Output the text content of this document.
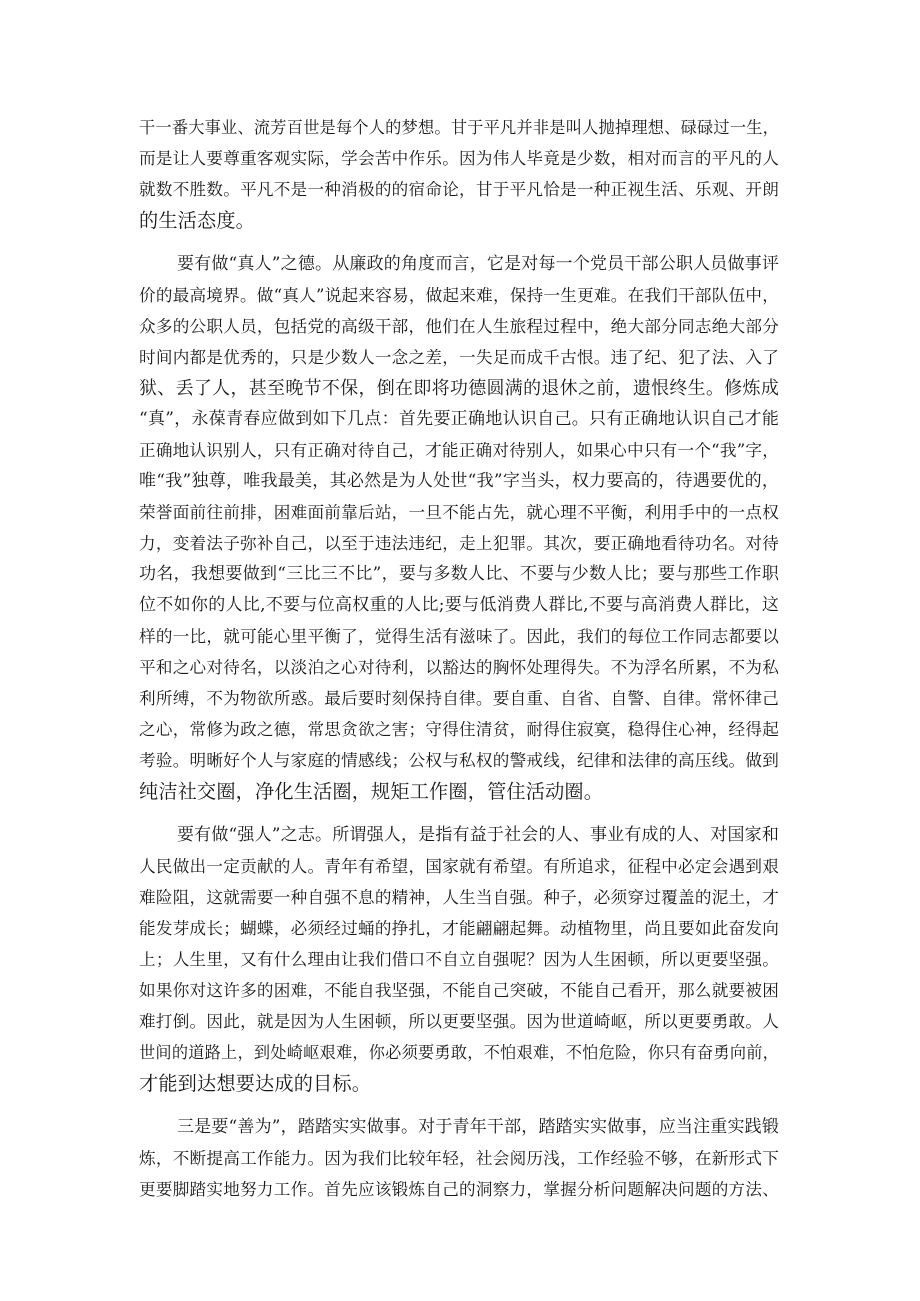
干一番大事业、流芳百世是每个人的梦想。甘于平凡并非是叫人抛掉理想、碌碌过一生，
而是让人要尊重客观实际，学会苦中作乐。因为伟人毕竟是少数，相对而言的平凡的人
就数不胜数。平凡不是一种消极的的宿命论，甘于平凡恰是一种正视生活、乐观、开朗
的生活态度。
要有做“真人”之德。从廉政的角度而言，它是对每一个党员干部公职人员做事评
价的最高境界。做“真人”说起来容易，做起来难，保持一生更难。在我们干部队伍中，
众多的公职人员，包括党的高级干部，他们在人生旅程过程中，绝大部分同志绝大部分
时间内都是优秀的，只是少数人一念之差，一失足而成千古恨。违了纪、犯了法、入了
狱、丢了人，甚至晚节不保，倒在即将功德圆满的退休之前，遗恨终生。修炼成
“真”，永葆青春应做到如下几点：首先要正确地认识自己。只有正确地认识自己才能
正确地认识别人，只有正确对待自己，才能正确对待别人，如果心中只有一个“我”字，
唯“我”独尊，唯我最美，其必然是为人处世“我”字当头，权力要高的，待遇要优的，
荣誉面前往前排，困难面前靠后站，一旦不能占先，就心理不平衡，利用手中的一点权
力，变着法子弥补自己，以至于违法违纪，走上犯罪。其次，要正确地看待功名。对待
功名，我想要做到“三比三不比”，要与多数人比、不要与少数人比；要与那些工作职
位不如你的人比,不要与位高权重的人比;要与低消费人群比,不要与高消费人群比，这
样的一比，就可能心里平衡了，觉得生活有滋味了。因此，我们的每位工作同志都要以
平和之心对待名，以淡泊之心对待利，以豁达的胸怀处理得失。不为浮名所累，不为私
利所缚，不为物欲所惑。最后要时刻保持自律。要自重、自省、自警、自律。常怀律己
之心，常修为政之德，常思贪欲之害；守得住清贫，耐得住寂寞，稳得住心神，经得起
考验。明晰好个人与家庭的情感线；公权与私权的警戒线，纪律和法律的高压线。做到
纯洁社交圈，净化生活圈，规矩工作圈，管住活动圈。
要有做“强人”之志。所谓强人，是指有益于社会的人、事业有成的人、对国家和
人民做出一定贡献的人。青年有希望，国家就有希望。有所追求，征程中必定会遇到艰
难险阻，这就需要一种自强不息的精神，人生当自强。种子，必须穿过覆盖的泥土，才
能发芽成长；蝴蝶，必须经过蛹的挣扎，才能翩翩起舞。动植物里，尚且要如此奋发向
上；人生里，又有什么理由让我们借口不自立自强呢？因为人生困顿，所以更要坚强。
如果你对这许多的困难，不能自我坚强，不能自己突破，不能自己看开，那么就要被困
难打倒。因此，就是因为人生困顿，所以更要坚强。因为世道崎岖，所以更要勇敢。人
世间的道路上，到处崎岖艰难，你必须要勇敢，不怕艰难，不怕危险，你只有奋勇向前，
才能到达想要达成的目标。
三是要“善为”，踏踏实实做事。对于青年干部，踏踏实实做事，应当注重实践锻
炼，不断提高工作能力。因为我们比较年轻，社会阅历浅，工作经验不够，在新形式下
更要脚踏实地努力工作。首先应该锻炼自己的洞察力，掌握分析问题解决问题的方法、
